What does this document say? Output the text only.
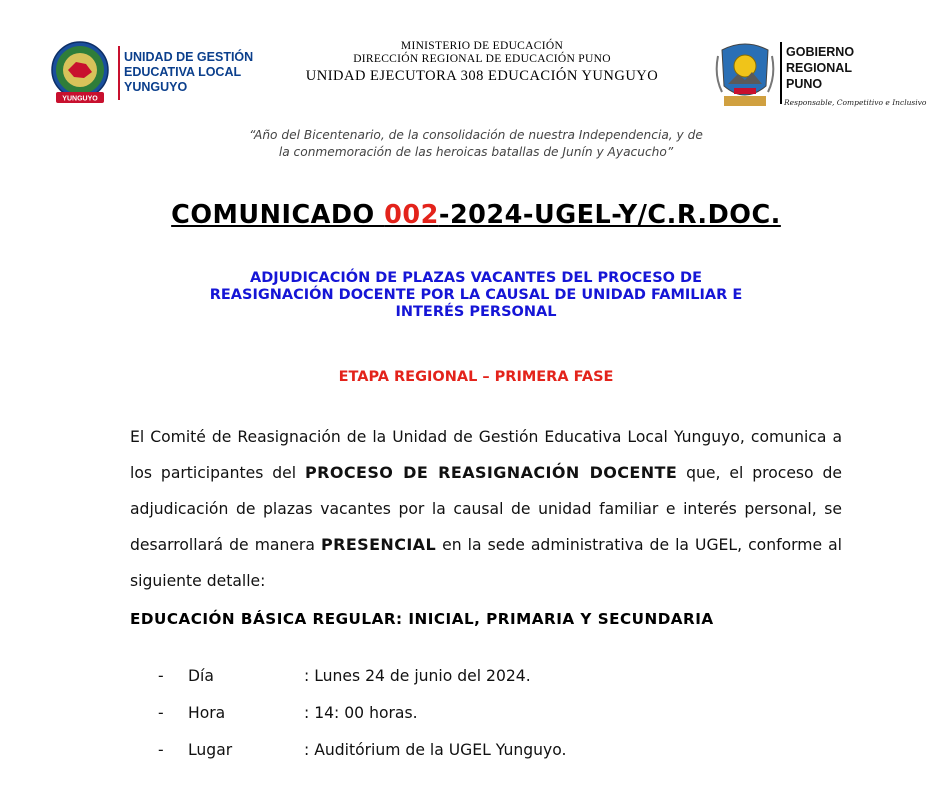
YUNGUYO
UNIDAD DE GESTIÓN
EDUCATIVA LOCAL
YUNGUYO
MINISTERIO DE EDUCACIÓN
DIRECCIÓN REGIONAL DE EDUCACIÓN PUNO
UNIDAD EJECUTORA 308 EDUCACIÓN YUNGUYO
GOBIERNO
REGIONAL
PUNO
Responsable, Competitivo e Inclusivo
“Año del Bicentenario, de la consolidación de nuestra Independencia, y de
la conmemoración de las heroicas batallas de Junín y Ayacucho”
COMUNICADO 002-2024-UGEL-Y/C.R.DOC.
ADJUDICACIÓN DE PLAZAS VACANTES DEL PROCESO DE
REASIGNACIÓN DOCENTE POR LA CAUSAL DE UNIDAD FAMILIAR E
INTERÉS PERSONAL
ETAPA REGIONAL – PRIMERA FASE
El Comité de Reasignación de la Unidad de Gestión Educativa Local Yunguyo, comunica a los participantes del PROCESO DE REASIGNACIÓN DOCENTE que, el proceso de adjudicación de plazas vacantes por la causal de unidad familiar e interés personal, se desarrollará de manera PRESENCIAL en la sede administrativa de la UGEL, conforme al siguiente detalle:
EDUCACIÓN BÁSICA REGULAR: INICIAL, PRIMARIA Y SECUNDARIA
- Día	: Lunes 24 de junio del 2024.
- Hora	: 14: 00 horas.
- Lugar	: Auditórium de la UGEL Yunguyo.
